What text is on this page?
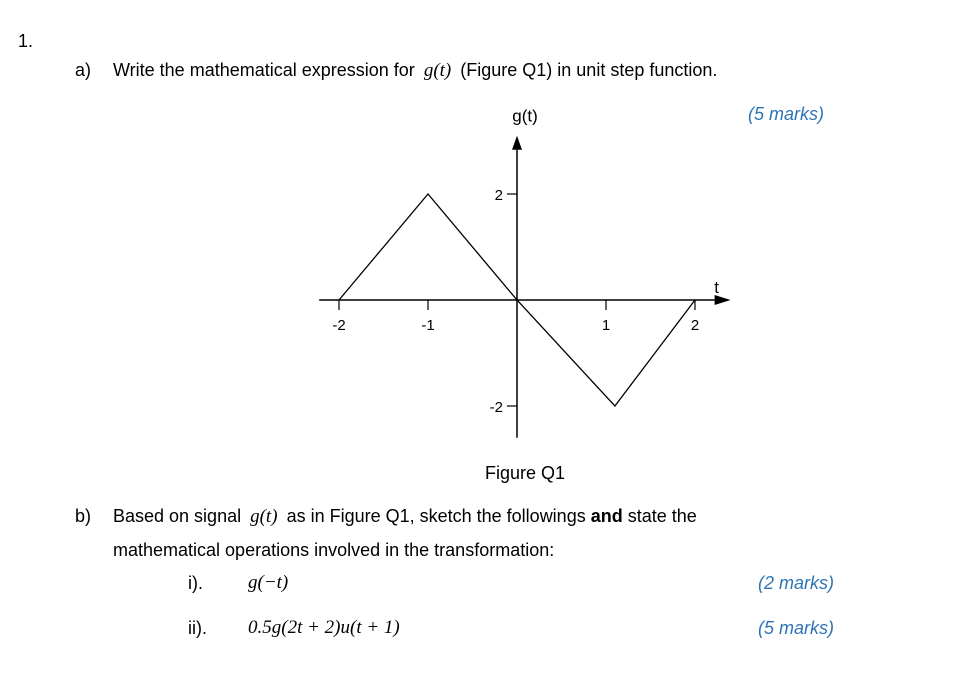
1.
a) Write the mathematical expression for g(t) (Figure Q1) in unit step function.
(5 marks)
-2	-1	1	2
2
-2
g(t)
t
Figure Q1
b) Based on signal g(t) as in Figure Q1, sketch the followings and state the
mathematical operations involved in the transformation:
i). g(−t)	(2 marks)
ii). 0.5g(2t + 2)u(t + 1)	(5 marks)
